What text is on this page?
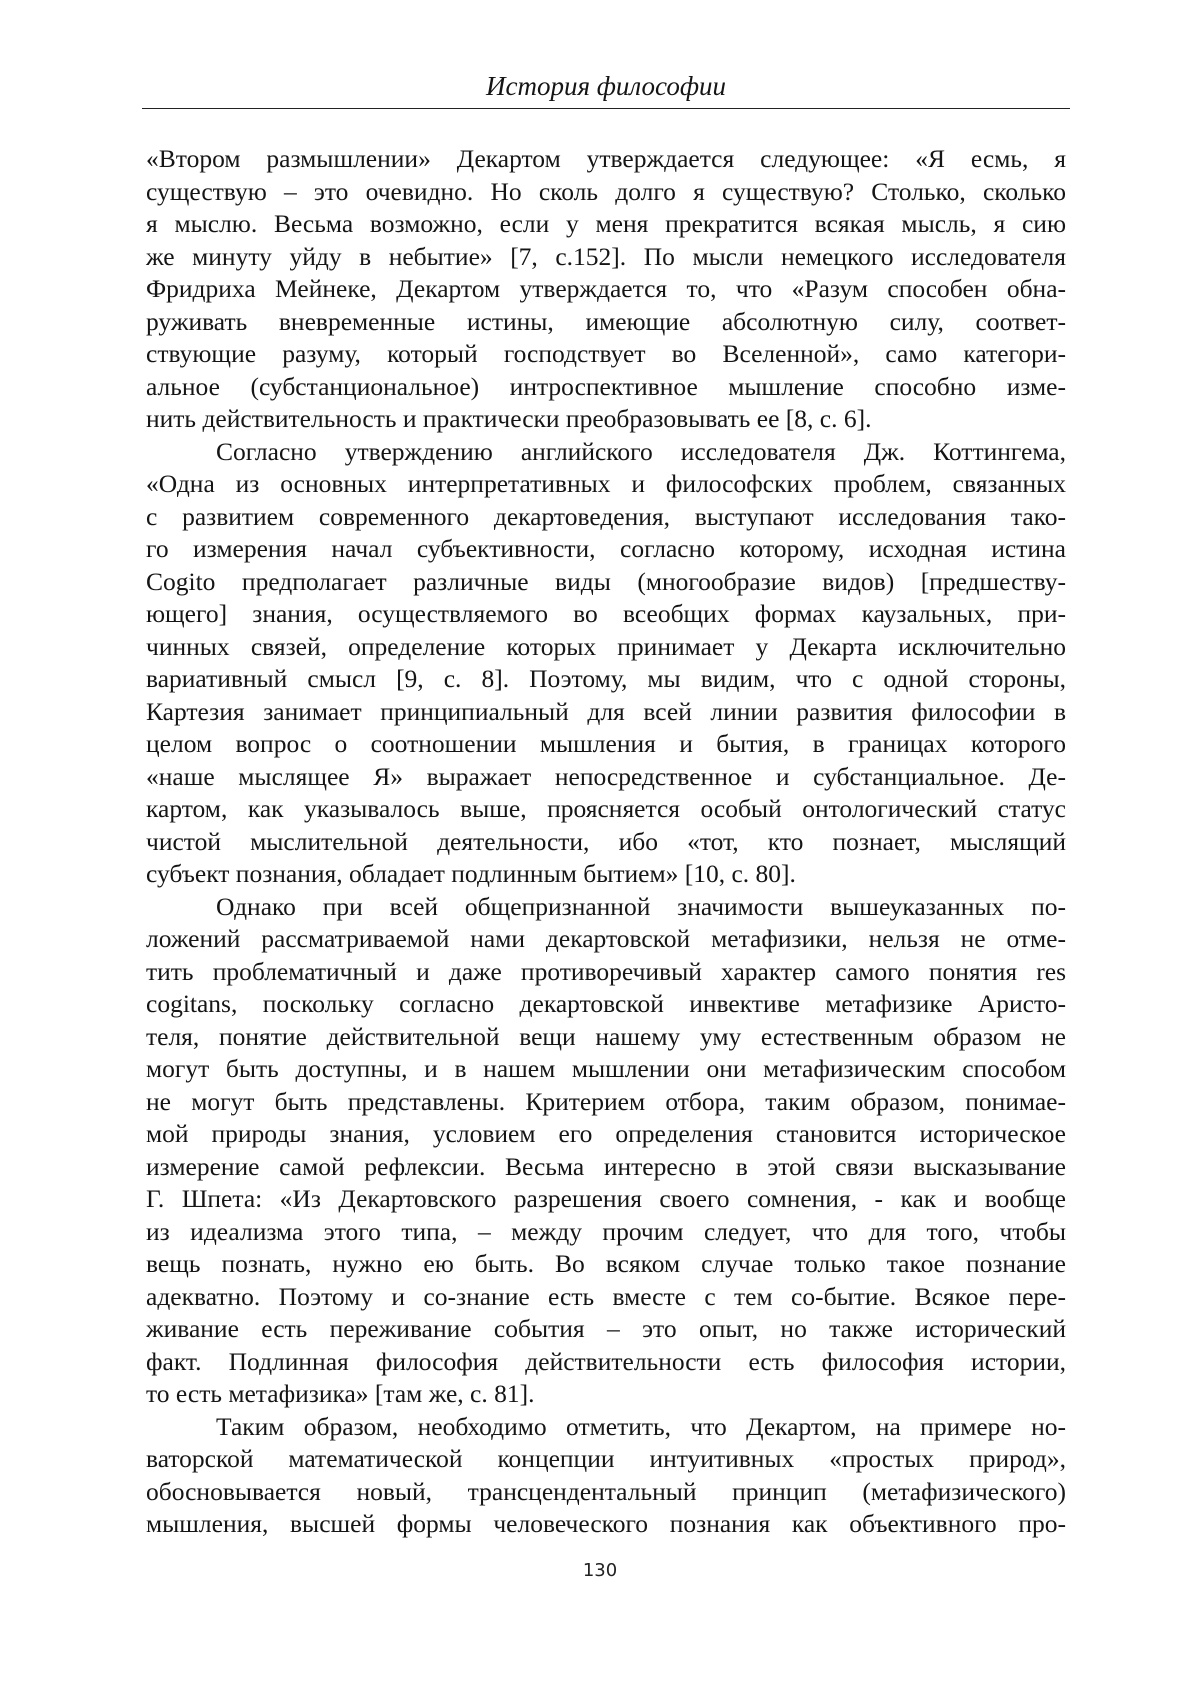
История философии
«Втором размышлении» Декартом утверждается следующее: «Я есмь, я
существую – это очевидно. Но сколь долго я существую? Столько, сколько
я мыслю. Весьма возможно, если у меня прекратится всякая мысль, я сию
же минуту уйду в небытие» [7, с.152]. По мысли немецкого исследователя
Фридриха Мейнеке, Декартом утверждается то, что «Разум способен обна-
руживать вневременные истины, имеющие абсолютную силу, соответ-
ствующие разуму, который господствует во Вселенной», само категори-
альное (субстанциональное) интроспективное мышление способно изме-
нить действительность и практически преобразовывать ее [8, с. 6].
Согласно утверждению английского исследователя Дж. Коттингема,
«Одна из основных интерпретативных и философских проблем, связанных
с развитием современного декартоведения, выступают исследования тако-
го измерения начал субъективности, согласно которому, исходная истина
Cogito предполагает различные виды (многообразие видов) [предшеству-
ющего] знания, осуществляемого во всеобщих формах каузальных, при-
чинных связей, определение которых принимает у Декарта исключительно
вариативный смысл [9, с. 8]. Поэтому, мы видим, что с одной стороны,
Картезия занимает принципиальный для всей линии развития философии в
целом вопрос о соотношении мышления и бытия, в границах которого
«наше мыслящее Я» выражает непосредственное и субстанциальное. Де-
картом, как указывалось выше, проясняется особый онтологический статус
чистой мыслительной деятельности, ибо «тот, кто познает, мыслящий
субъект познания, обладает подлинным бытием» [10, с. 80].
Однако при всей общепризнанной значимости вышеуказанных по-
ложений рассматриваемой нами декартовской метафизики, нельзя не отме-
тить проблематичный и даже противоречивый характер самого понятия res
cogitans, поскольку согласно декартовской инвективе метафизике Аристо-
теля, понятие действительной вещи нашему уму естественным образом не
могут быть доступны, и в нашем мышлении они метафизическим способом
не могут быть представлены. Критерием отбора, таким образом, понимае-
мой природы знания, условием его определения становится историческое
измерение самой рефлексии. Весьма интересно в этой связи высказывание
Г. Шпета: «Из Декартовского разрешения своего сомнения, - как и вообще
из идеализма этого типа, – между прочим следует, что для того, чтобы
вещь познать, нужно ею быть. Во всяком случае только такое познание
адекватно. Поэтому и со-знание есть вместе с тем со-бытие. Всякое пере-
живание есть переживание события – это опыт, но также исторический
факт. Подлинная философия действительности есть философия истории,
то есть метафизика» [там же, с. 81].
Таким образом, необходимо отметить, что Декартом, на примере но-
ваторской математической концепции интуитивных «простых природ»,
обосновывается новый, трансцендентальный принцип (метафизического)
мышления, высшей формы человеческого познания как объективного про-
130
